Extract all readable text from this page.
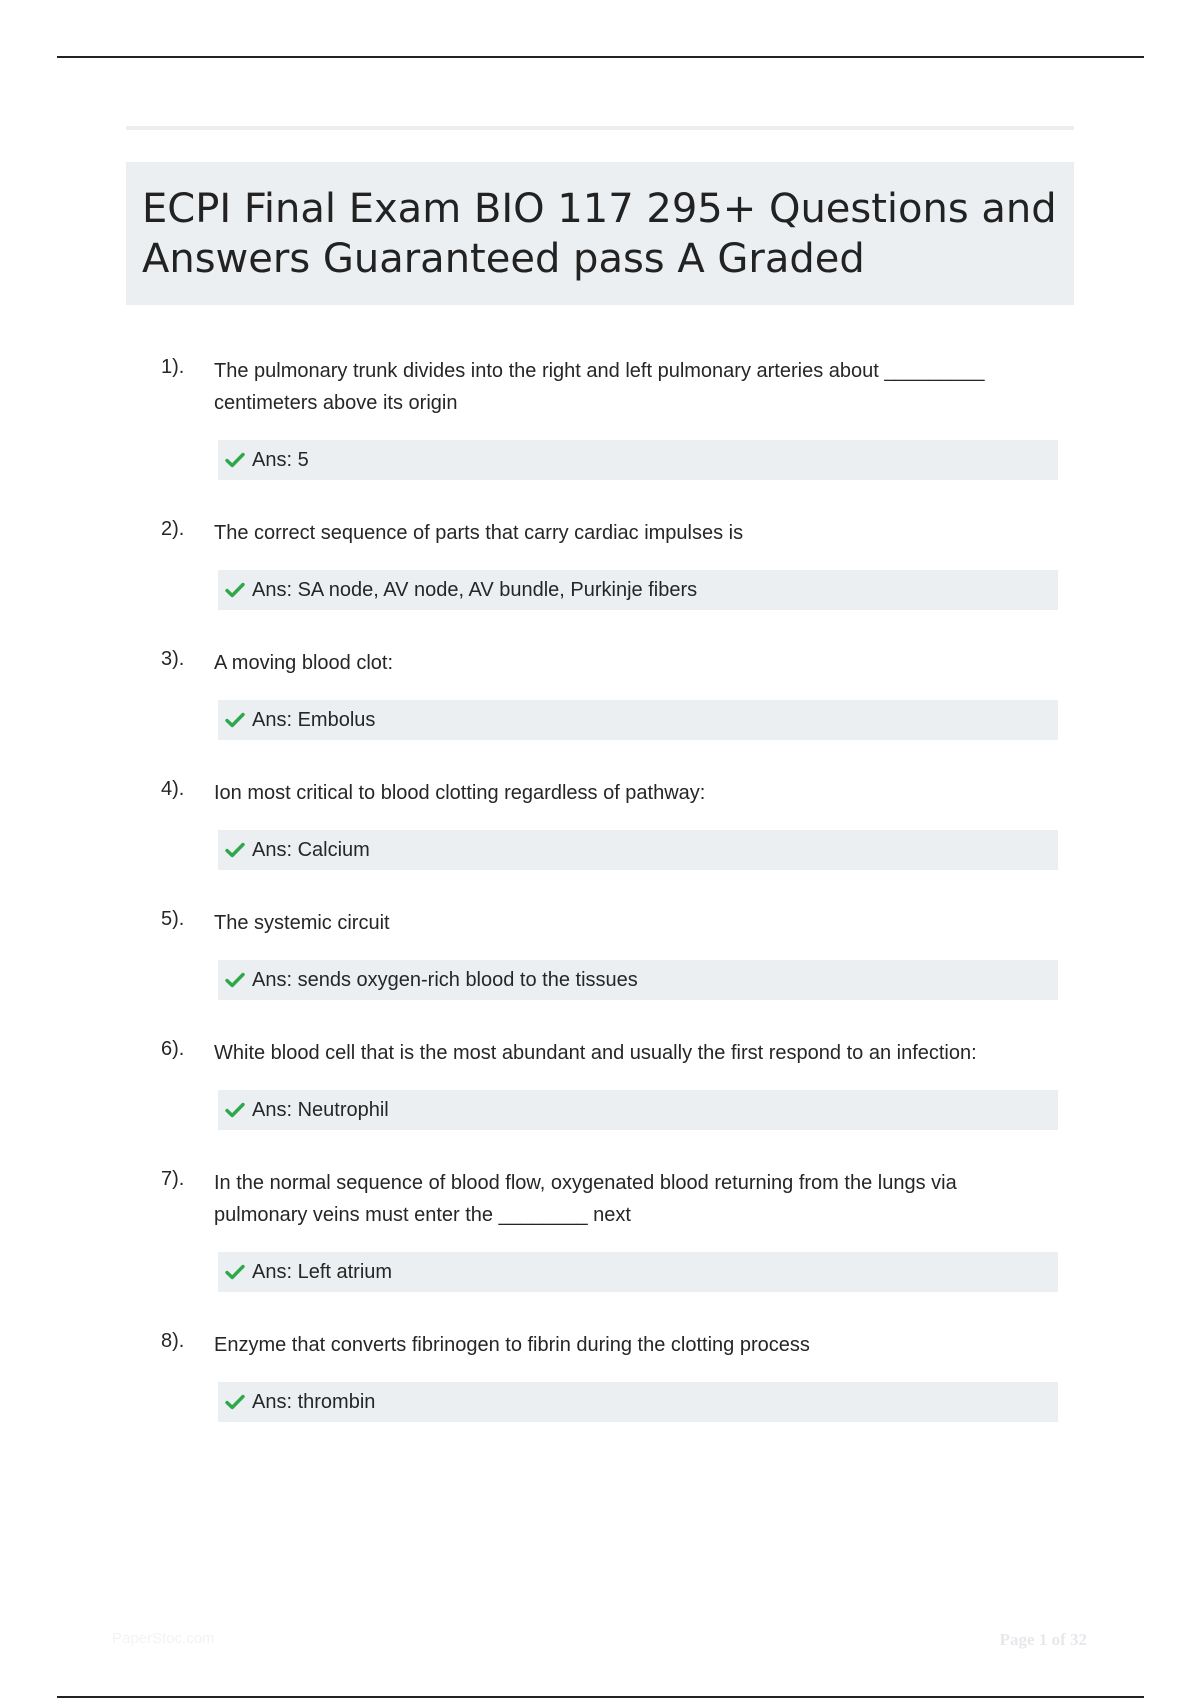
ECPI Final Exam BIO 117 295+ Questions and Answers Guaranteed pass A Graded
1). The pulmonary trunk divides into the right and left pulmonary arteries about _________ centimeters above its origin
Ans: 5
2). The correct sequence of parts that carry cardiac impulses is
Ans: SA node, AV node, AV bundle, Purkinje fibers
3). A moving blood clot:
Ans: Embolus
4). Ion most critical to blood clotting regardless of pathway:
Ans: Calcium
5). The systemic circuit
Ans: sends oxygen-rich blood to the tissues
6). White blood cell that is the most abundant and usually the first respond to an infection:
Ans: Neutrophil
7). In the normal sequence of blood flow, oxygenated blood returning from the lungs via pulmonary veins must enter the ________ next
Ans: Left atrium
8). Enzyme that converts fibrinogen to fibrin during the clotting process
Ans: thrombin
PaperStoc.com	Page 1 of 32
